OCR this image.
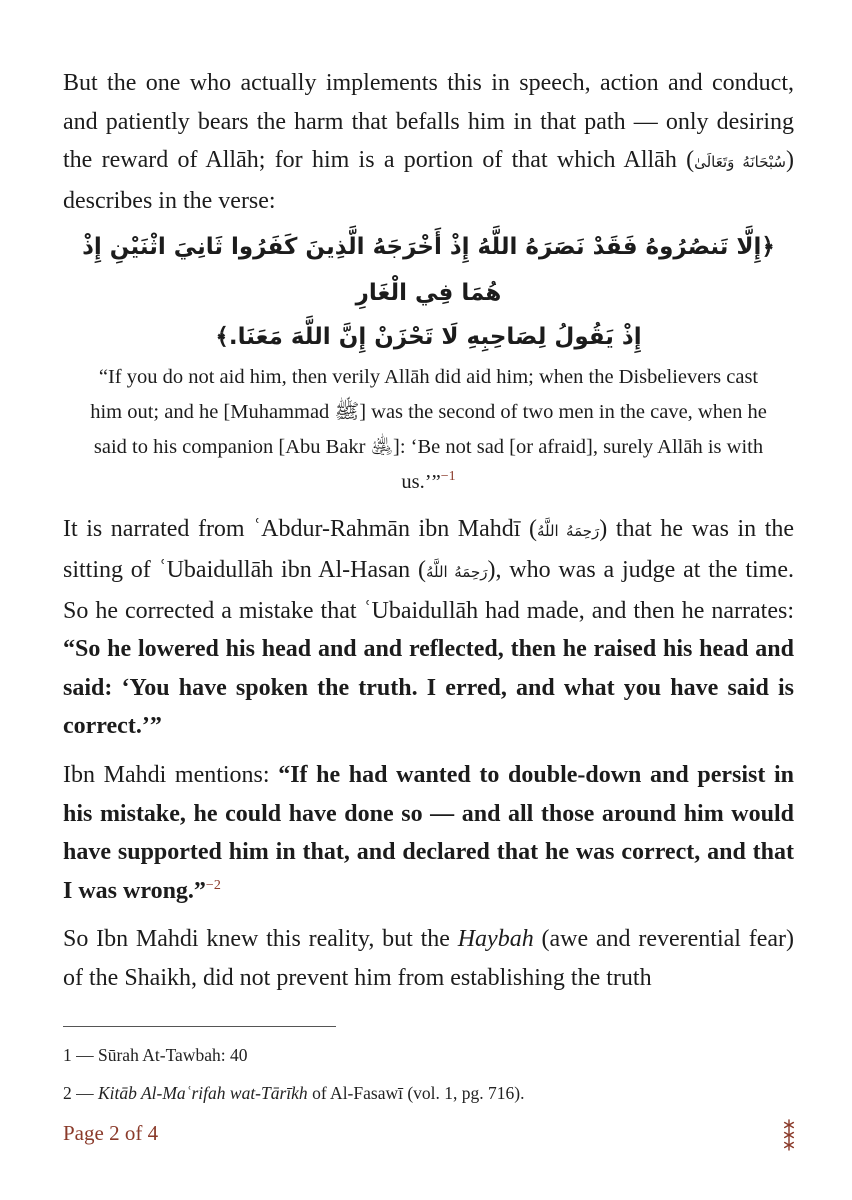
But the one who actually implements this in speech, action and conduct, and patiently bears the harm that befalls him in that path — only desiring the reward of Allāh; for him is a portion of that which Allāh (سُبْحَانَهُ وَتَعَالَىٰ) describes in the verse:

﴿إِلَّا تَنصُرُوهُ فَقَدْ نَصَرَهُ اللَّهُ إِذْ أَخْرَجَهُ الَّذِينَ كَفَرُوا ثَانِيَ اثْنَيْنِ إِذْ هُمَا فِي الْغَارِ

إِذْ يَقُولُ لِصَاحِبِهِ لَا تَحْزَنْ إِنَّ اللَّهَ مَعَنَا.﴾

“If you do not aid him, then verily Allāh did aid him; when the Disbelievers cast him out; and he [Muhammad ﷺ] was the second of two men in the cave, when he said to his companion [Abu Bakr ﵁]: ‘Be not sad [or afraid], surely Allāh is with us.’”$^{-1}$

It is narrated from ʿAbdur-Rahmān ibn Mahdī (رَحِمَهُ اللَّهُ) that he was in the sitting of ʿUbaidullāh ibn Al-Hasan (رَحِمَهُ اللَّهُ), who was a judge at the time. So he corrected a mistake that ʿUbaidullāh had made, and then he narrates: “So he lowered his head and and reflected, then he raised his head and said: ‘You have spoken the truth. I erred, and what you have said is correct.’”

Ibn Mahdi mentions: “If he had wanted to double-down and persist in his mistake, he could have done so — and all those around him would have supported him in that, and declared that he was correct, and that I was wrong.”$^{-2}$

So Ibn Mahdi knew this reality, but the Haybah (awe and reverential fear) of the Shaikh, did not prevent him from establishing the truth

1 — Sūrah At-Tawbah: 40

2 — Kitāb Al-Maʿrifah wat-Tārīkh of Al-Fasawī (vol. 1, pg. 716).

Page 2 of 4
